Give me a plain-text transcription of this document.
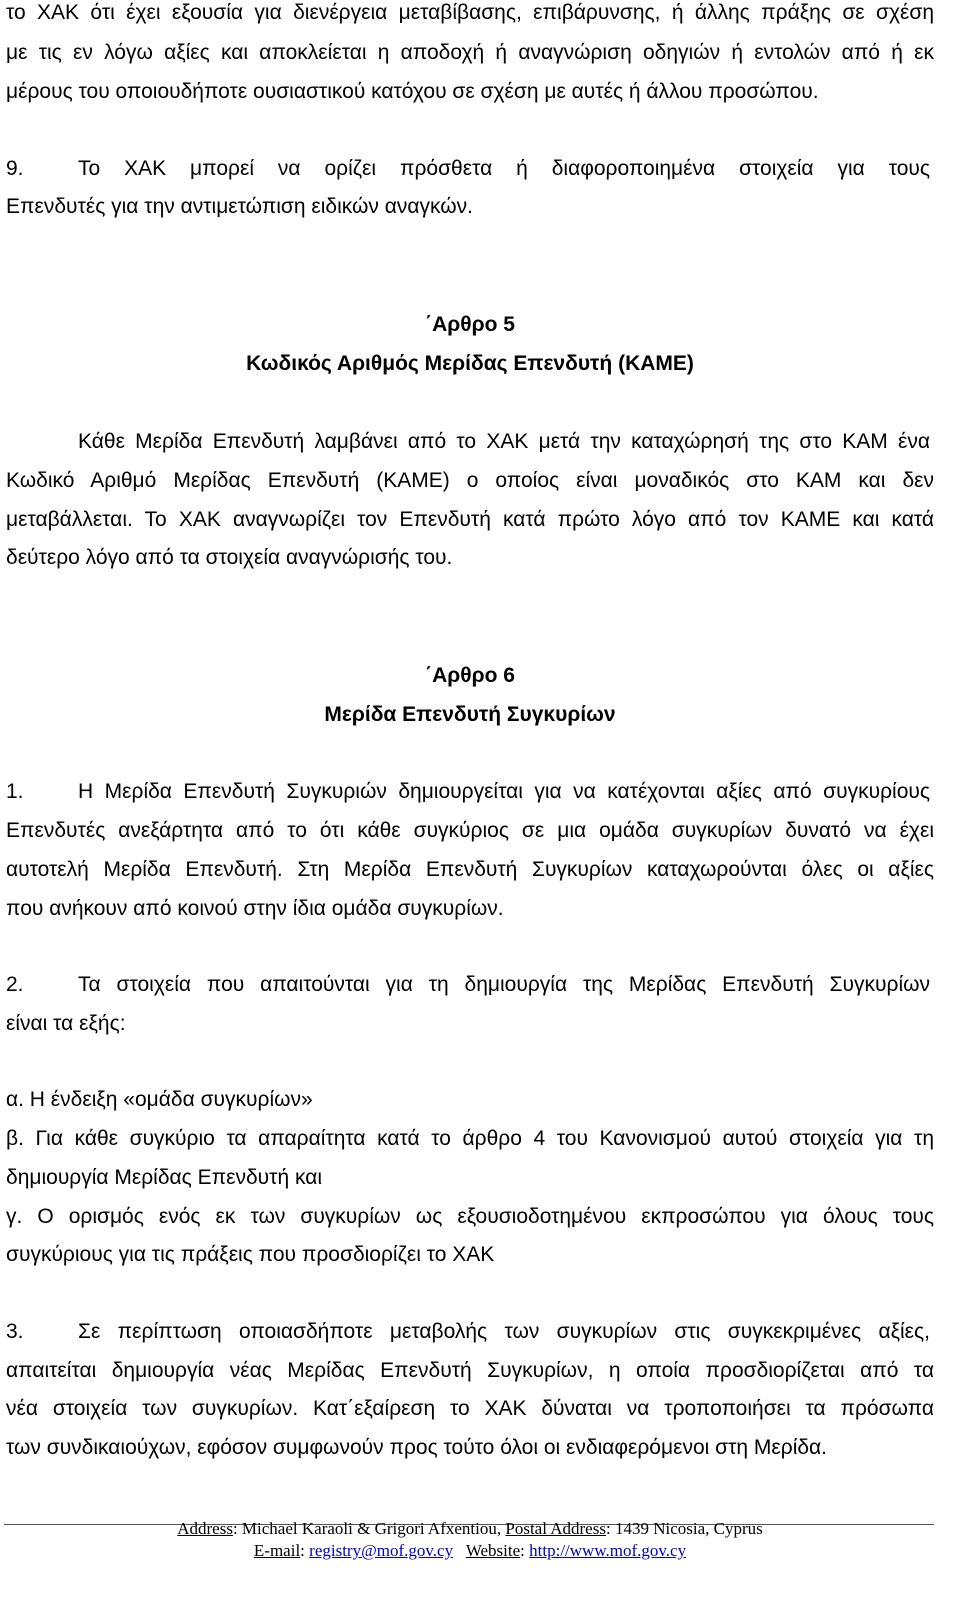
το ΧΑΚ ότι έχει εξουσία για διενέργεια μεταβίβασης, επιβάρυνσης, ή άλλης πράξης σε σχέση
με τις εν λόγω αξίες και αποκλείεται η αποδοχή ή αναγνώριση οδηγιών ή εντολών από ή εκ
μέρους του οποιουδήποτε ουσιαστικού κατόχου σε σχέση με αυτές ή άλλου προσώπου.
9.	Το ΧΑΚ μπορεί να ορίζει πρόσθετα ή διαφοροποιημένα στοιχεία για τους
Επενδυτές για την αντιμετώπιση ειδικών αναγκών.
΄Αρθρο 5
Κωδικός Αριθμός Μερίδας Επενδυτή (ΚΑΜΕ)
Κάθε Μερίδα Επενδυτή λαμβάνει από το ΧΑΚ μετά την καταχώρησή της στο ΚΑΜ ένα
Κωδικό Αριθμό Μερίδας Επενδυτή (ΚΑΜΕ) ο οποίος είναι μοναδικός στο ΚΑΜ και δεν
μεταβάλλεται. Το ΧΑΚ αναγνωρίζει τον Επενδυτή κατά πρώτο λόγο από τον ΚΑΜΕ και κατά
δεύτερο λόγο από τα στοιχεία αναγνώρισής του.
΄Αρθρο 6
Μερίδα Επενδυτή Συγκυρίων
1.	Η Μερίδα Επενδυτή Συγκυριών δημιουργείται για να κατέχονται αξίες από συγκυρίους
Επενδυτές ανεξάρτητα από το ότι κάθε συγκύριος σε μια ομάδα συγκυρίων δυνατό να έχει
αυτοτελή Μερίδα Επενδυτή. Στη Μερίδα Επενδυτή Συγκυρίων καταχωρούνται όλες οι αξίες
που ανήκουν από κοινού στην ίδια ομάδα συγκυρίων.
2.	Τα στοιχεία που απαιτούνται για τη δημιουργία της Μερίδας Επενδυτή Συγκυρίων
είναι τα εξής:
α. Η ένδειξη «ομάδα συγκυρίων»
β. Για κάθε συγκύριο τα απαραίτητα κατά το άρθρο 4 του Κανονισμού αυτού στοιχεία για τη
δημιουργία Μερίδας Επενδυτή και
γ. Ο ορισμός ενός εκ των συγκυρίων ως εξουσιοδοτημένου εκπροσώπου για όλους τους
συγκύριους για τις πράξεις που προσδιορίζει το ΧΑΚ
3.	Σε περίπτωση οποιασδήποτε μεταβολής των συγκυρίων στις συγκεκριμένες αξίες,
απαιτείται δημιουργία νέας Μερίδας Επενδυτή Συγκυρίων, η οποία προσδιορίζεται από τα
νέα στοιχεία των συγκυρίων. Κατ΄εξαίρεση το ΧΑΚ δύναται να τροποποιήσει τα πρόσωπα
των συνδικαιούχων, εφόσον συμφωνούν προς τούτο όλοι οι ενδιαφερόμενοι στη Μερίδα.
Address: Michael Karaoli & Grigori Afxentiou, Postal Address: 1439 Nicosia, Cyprus
E-mail: registry@mof.gov.cy Website: http://www.mof.gov.cy
